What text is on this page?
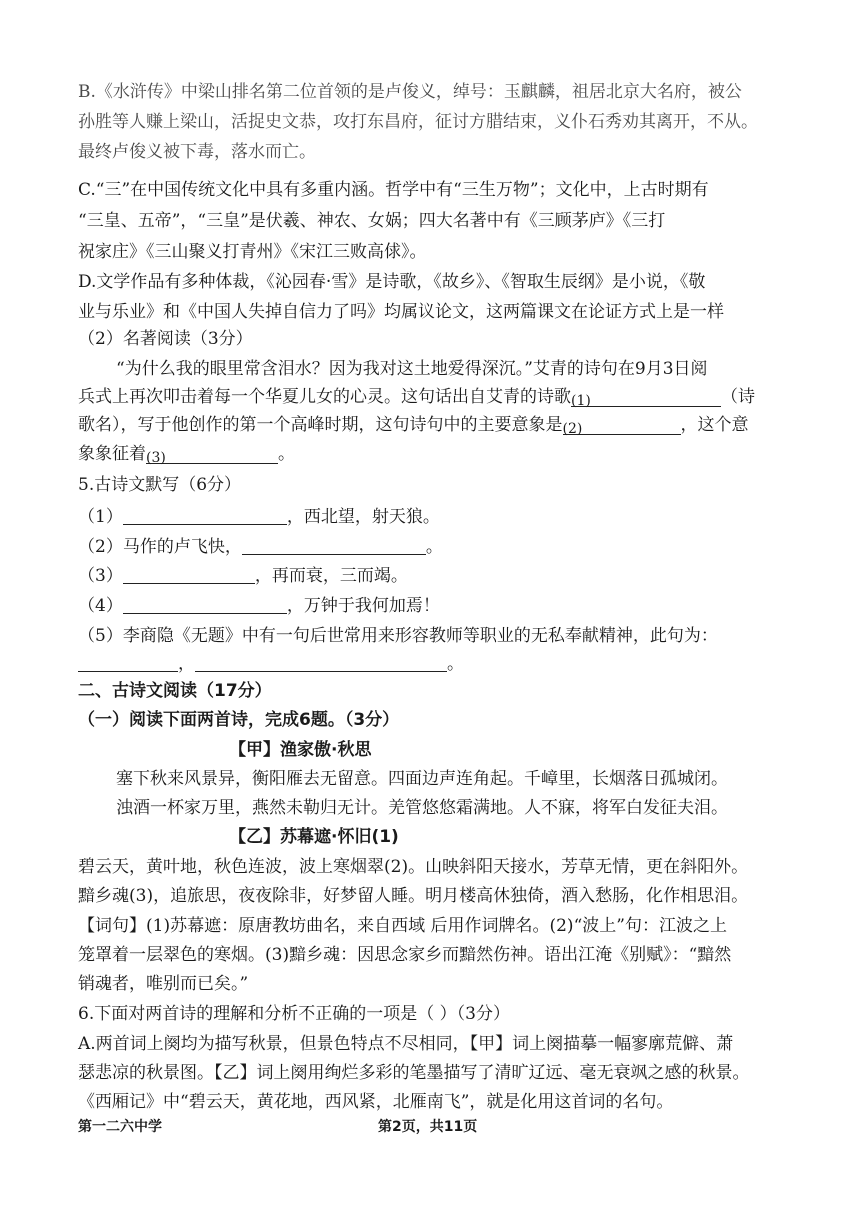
B.《水浒传》中梁山排名第二位首领的是卢俊义，绰号：玉麒麟，祖居北京大名府，被公
孙胜等人赚上梁山，活捉史文恭，攻打东昌府，征讨方腊结束，义仆石秀劝其离开，不从。
最终卢俊义被下毒，落水而亡。
C.“三”在中国传统文化中具有多重内涵。哲学中有“三生万物”；文化中，上古时期有
“三皇、五帝”，“三皇”是伏羲、神农、女娲；四大名著中有《三顾茅庐》《三打
祝家庄》《三山聚义打青州》《宋江三败高俅》。
D.文学作品有多种体裁，《沁园春·雪》是诗歌，《故乡》、《智取生辰纲》是小说，《敬
业与乐业》和《中国人失掉自信力了吗》均属议论文，这两篇课文在论证方式上是一样
（2）名著阅读（3分）
“为什么我的眼里常含泪水？因为我对这土地爱得深沉。”艾青的诗句在9月3日阅
兵式上再次叩击着每一个华夏儿女的心灵。这句话出自艾青的诗歌(1)	（诗
歌名），写于他创作的第一个高峰时期，这句诗句中的主要意象是(2)	，这个意
象象征着(3)	。
5.古诗文默写（6分）
（1）	，西北望，射天狼。
（2）马作的卢飞快，	。
（3）	，再而衰，三而竭。
（4）	，万钟于我何加焉！
（5）李商隐《无题》中有一句后世常用来形容教师等职业的无私奉献精神，此句为：
，	。
二、古诗文阅读（17分）
（一）阅读下面两首诗，完成6题。（3分）
【甲】渔家傲·秋思
塞下秋来风景异，衡阳雁去无留意。四面边声连角起。千嶂里，长烟落日孤城闭。
浊酒一杯家万里，燕然未勒归无计。羌管悠悠霜满地。人不寐，将军白发征夫泪。
【乙】苏幕遮·怀旧(1)
碧云天，黄叶地，秋色连波，波上寒烟翠(2)。山映斜阳天接水，芳草无情，更在斜阳外。
黯乡魂(3)，追旅思，夜夜除非，好梦留人睡。明月楼高休独倚，酒入愁肠，化作相思泪。
【词句】(1)苏幕遮：原唐教坊曲名，来自西域 后用作词牌名。(2)“波上”句：江波之上
笼罩着一层翠色的寒烟。(3)黯乡魂：因思念家乡而黯然伤神。语出江淹《别赋》：“黯然
销魂者，唯别而已矣。”
6.下面对两首诗的理解和分析不正确的一项是（ ）（3分）
A.两首词上阕均为描写秋景，但景色特点不尽相同，【甲】词上阕描摹一幅寥廓荒僻、萧
瑟悲凉的秋景图。【乙】词上阕用绚烂多彩的笔墨描写了清旷辽远、毫无衰飒之感的秋景。
《西厢记》中“碧云天，黄花地，西风紧，北雁南飞”，就是化用这首词的名句。
第一二六中学	第2页，共11页
